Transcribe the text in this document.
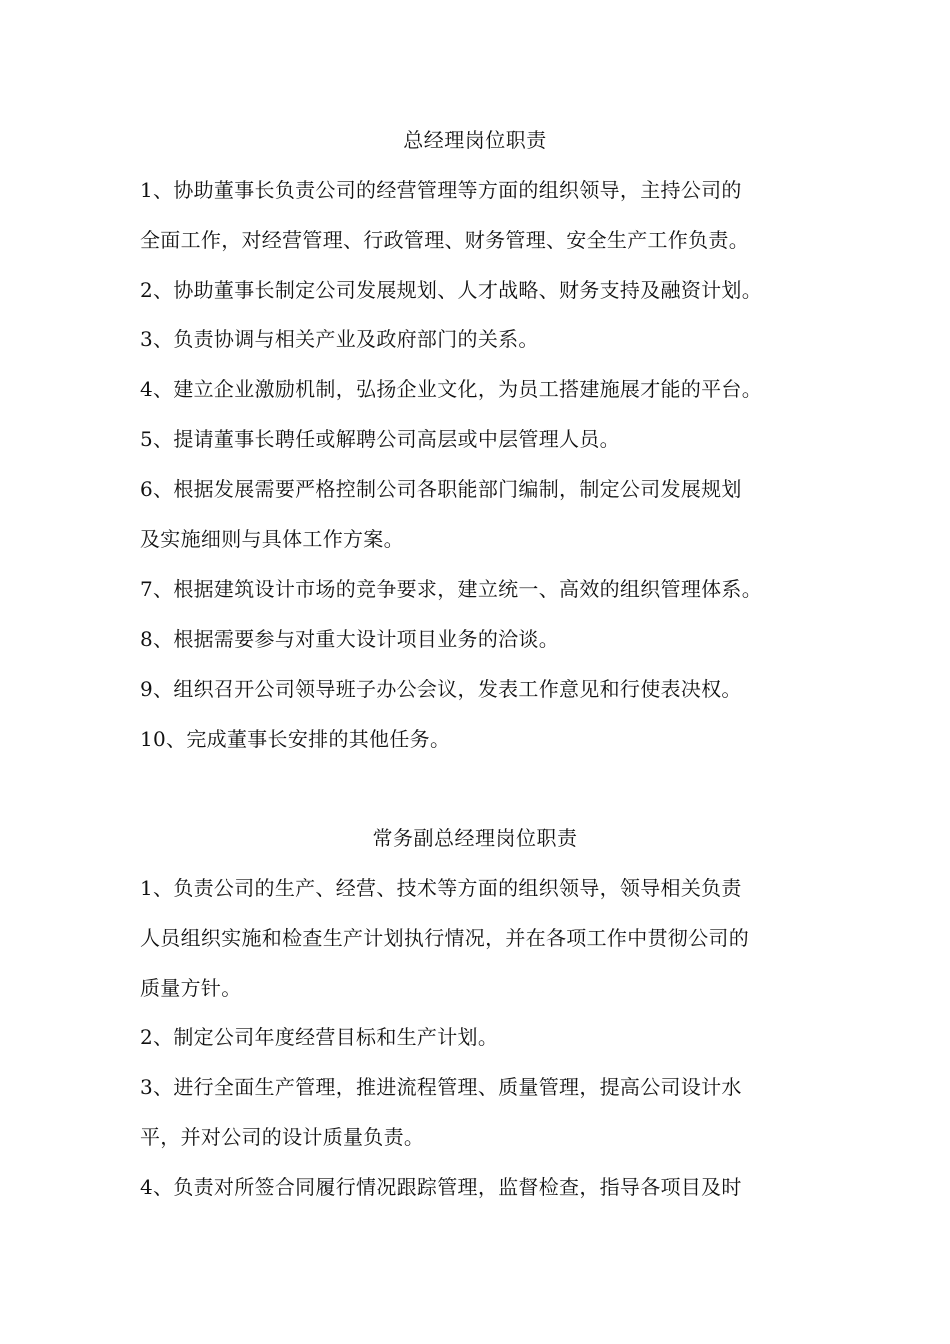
总经理岗位职责

1、协助董事长负责公司的经营管理等方面的组织领导，主持公司的

全面工作，对经营管理、行政管理、财务管理、安全生产工作负责。

2、协助董事长制定公司发展规划、人才战略、财务支持及融资计划。

3、负责协调与相关产业及政府部门的关系。

4、建立企业激励机制，弘扬企业文化，为员工搭建施展才能的平台。

5、提请董事长聘任或解聘公司高层或中层管理人员。

6、根据发展需要严格控制公司各职能部门编制，制定公司发展规划

及实施细则与具体工作方案。

7、根据建筑设计市场的竞争要求，建立统一、高效的组织管理体系。

8、根据需要参与对重大设计项目业务的洽谈。

9、组织召开公司领导班子办公会议，发表工作意见和行使表决权。

10、完成董事长安排的其他任务。

常务副总经理岗位职责

1、负责公司的生产、经营、技术等方面的组织领导，领导相关负责

人员组织实施和检查生产计划执行情况，并在各项工作中贯彻公司的

质量方针。

2、制定公司年度经营目标和生产计划。

3、进行全面生产管理，推进流程管理、质量管理，提高公司设计水

平，并对公司的设计质量负责。

4、负责对所签合同履行情况跟踪管理，监督检查，指导各项目及时
